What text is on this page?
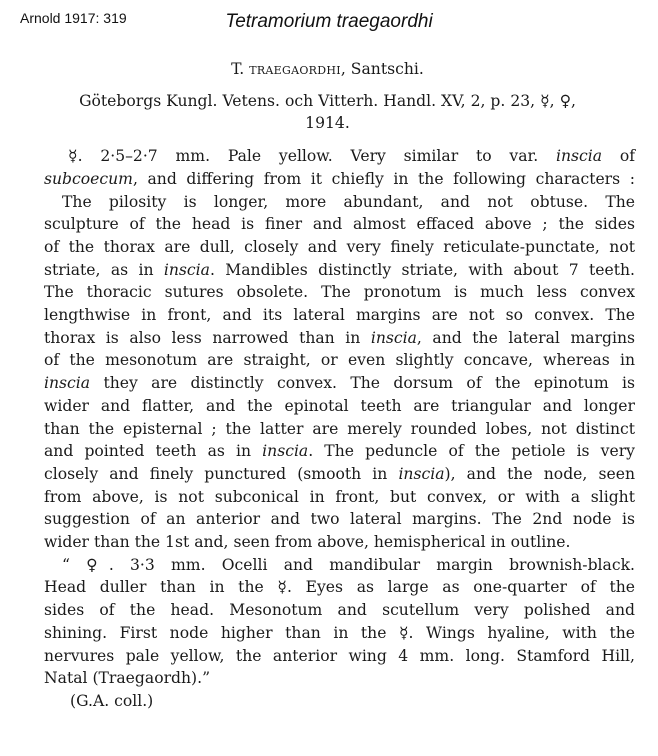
Arnold 1917: 319	Tetramorium traegaordhi
T. traegaordhi, Santschi.
Göteborgs Kungl. Vetens. och Vitterh. Handl. XV, 2, p. 23, ☿, ♀,
1914.
☿. 2·5–2·7 mm. Pale yellow. Very similar to var. inscia of
subcoecum, and differing from it chiefly in the following characters :
The pilosity is longer, more abundant, and not obtuse. The
sculpture of the head is finer and almost effaced above ; the sides
of the thorax are dull, closely and very finely reticulate-punctate, not
striate, as in inscia. Mandibles distinctly striate, with about 7 teeth.
The thoracic sutures obsolete. The pronotum is much less convex
lengthwise in front, and its lateral margins are not so convex. The
thorax is also less narrowed than in inscia, and the lateral margins
of the mesonotum are straight, or even slightly concave, whereas in
inscia they are distinctly convex. The dorsum of the epinotum is
wider and flatter, and the epinotal teeth are triangular and longer
than the episternal ; the latter are merely rounded lobes, not distinct
and pointed teeth as in inscia. The peduncle of the petiole is very
closely and finely punctured (smooth in inscia), and the node, seen
from above, is not subconical in front, but convex, or with a slight
suggestion of an anterior and two lateral margins. The 2nd node is
wider than the 1st and, seen from above, hemispherical in outline.
“ ♀. 3·3 mm. Ocelli and mandibular margin brownish-black.
Head duller than in the ☿. Eyes as large as one-quarter of the
sides of the head. Mesonotum and scutellum very polished and
shining. First node higher than in the ☿. Wings hyaline, with the
nervures pale yellow, the anterior wing 4 mm. long. Stamford Hill,
Natal (Traegaordh).”
(G.A. coll.)
